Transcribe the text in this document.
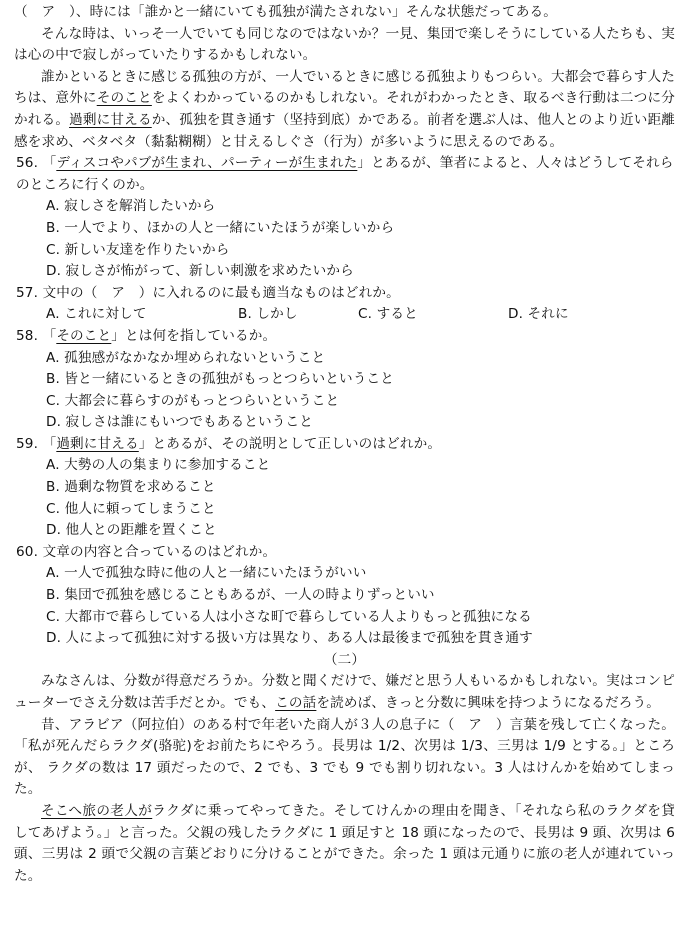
（　ア　）、時には「誰かと一緒にいても孤独が満たされない」そんな状態だってある。

そんな時は、いっそ一人でいても同じなのではないか？一見、集団で楽しそうにしている人たちも、実は心の中で寂しがっていたりするかもしれない。

誰かといるときに感じる孤独の方が、一人でいるときに感じる孤独よりもつらい。大都会で暮らす人たちは、意外にそのことをよくわかっているのかもしれない。それがわかったとき、取るべき行動は二つに分かれる。過剰に甘えるか、孤独を貫き通す（坚持到底）かである。前者を選ぶ人は、他人とのより近い距離感を求め、ベタベタ（黏黏糊糊）と甘えるしぐさ（行为）が多いように思えるのである。

56. 「ディスコやパブが生まれ、パーティーが生まれた」とあるが、筆者によると、人々はどうしてそれらのところに行くのか。

A. 寂しさを解消したいから
B. 一人でより、ほかの人と一緒にいたほうが楽しいから
C. 新しい友達を作りたいから
D. 寂しさが怖がって、新しい刺激を求めたいから

57. 文中の（　ア　）に入れるのに最も適当なものはどれか。

A. これに対して	B. しかし	C. すると	D. それに

58. 「そのこと」とは何を指しているか。

A. 孤独感がなかなか埋められないということ
B. 皆と一緒にいるときの孤独がもっとつらいということ
C. 大都会に暮らすのがもっとつらいということ
D. 寂しさは誰にもいつでもあるということ

59. 「過剰に甘える」とあるが、その説明として正しいのはどれか。

A. 大勢の人の集まりに参加すること
B. 過剰な物質を求めること
C. 他人に頼ってしまうこと
D. 他人との距離を置くこと

60. 文章の内容と合っているのはどれか。

A. 一人で孤独な時に他の人と一緒にいたほうがいい
B. 集団で孤独を感じることもあるが、一人の時よりずっといい
C. 大都市で暮らしている人は小さな町で暮らしている人よりもっと孤独になる
D. 人によって孤独に対する扱い方は異なり、ある人は最後まで孤独を貫き通す

（二）

みなさんは、分数が得意だろうか。分数と聞くだけで、嫌だと思う人もいるかもしれない。実はコンピューターでさえ分数は苦手だとか。でも、この話を読めば、きっと分数に興味を持つようになるだろう。

昔、アラビア（阿拉伯）のある村で年老いた商人が３人の息子に（　ア　）言葉を残して亡くなった。「私が死んだらラクダ(骆驼)をお前たちにやろう。長男は 1/2、次男は 1/3、三男は 1/9 とする。」ところが、 ラクダの数は 17 頭だったので、2 でも、3 でも 9 でも割り切れない。3 人はけんかを始めてしまった。

そこへ旅の老人がラクダに乗ってやってきた。そしてけんかの理由を聞き、「それなら私のラクダを貸してあげよう。」と言った。父親の残したラクダに 1 頭足すと 18 頭になったので、長男は 9 頭、次男は 6 頭、三男は 2 頭で父親の言葉どおりに分けることができた。余った 1 頭は元通りに旅の老人が連れていった。
